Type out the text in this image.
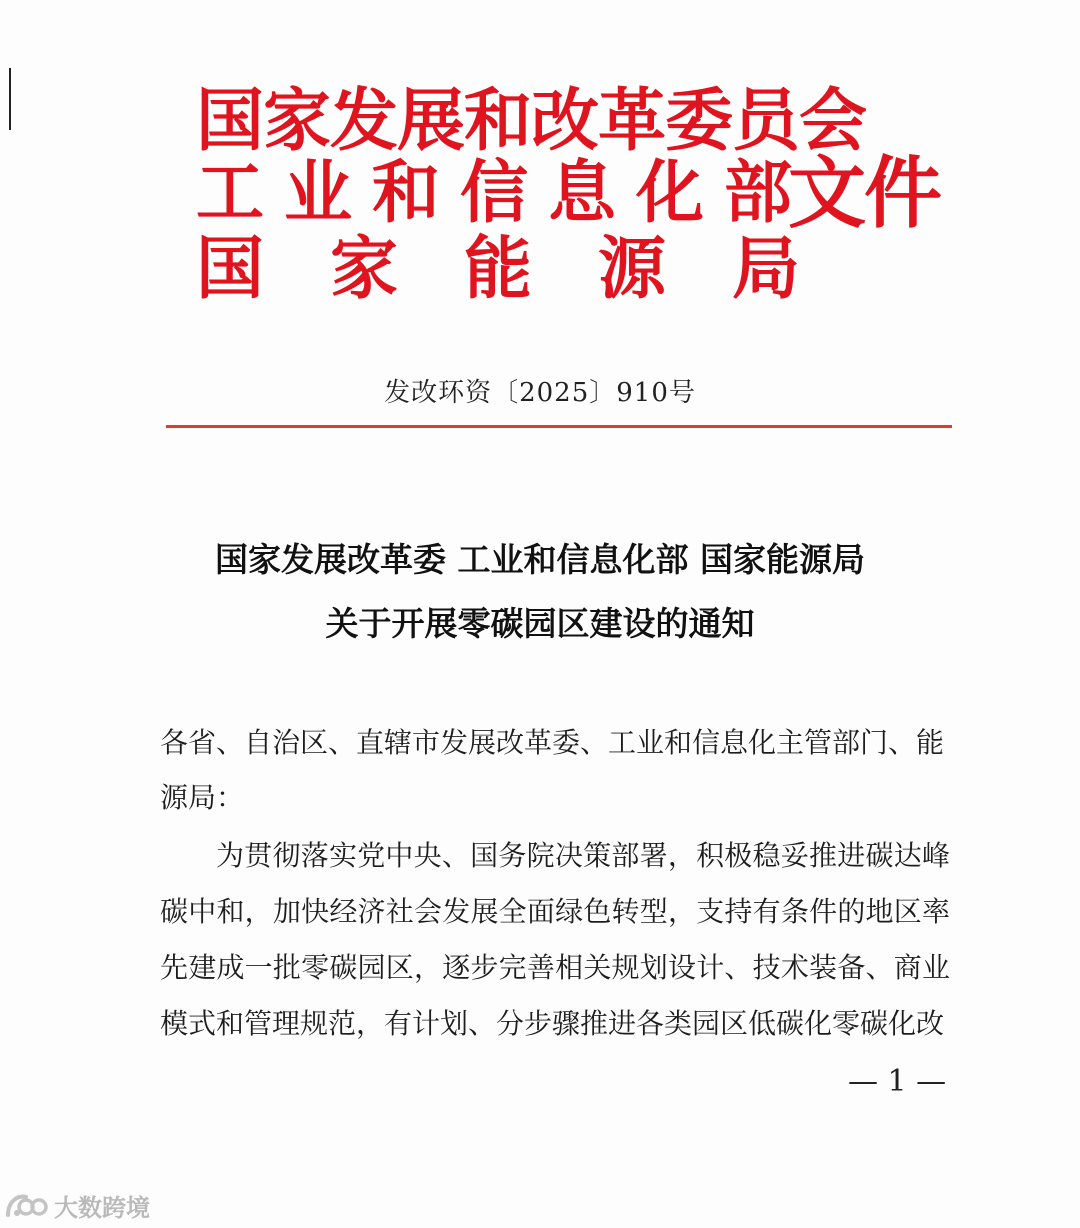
国家发展和改革委员会
工业和信息化部
文件
国家能源局
发改环资〔2025〕910号
国家发展改革委 工业和信息化部 国家能源局
关于开展零碳园区建设的通知
各省、自治区、直辖市发展改革委、工业和信息化主管部门、能源局：
为贯彻落实党中央、国务院决策部署，积极稳妥推进碳达峰碳中和，加快经济社会发展全面绿色转型，支持有条件的地区率先建成一批零碳园区，逐步完善相关规划设计、技术装备、商业模式和管理规范，有计划、分步骤推进各类园区低碳化零碳化改
— 1 —
大数跨境
